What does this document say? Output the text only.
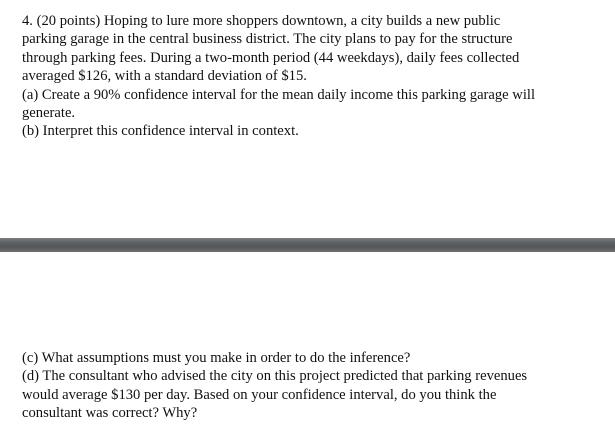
4. (20 points) Hoping to lure more shoppers downtown, a city builds a new public
parking garage in the central business district. The city plans to pay for the structure
through parking fees. During a two-month period (44 weekdays), daily fees collected
averaged $126, with a standard deviation of $15.
(a) Create a 90% confidence interval for the mean daily income this parking garage will
generate.
(b) Interpret this confidence interval in context.
(c) What assumptions must you make in order to do the inference?
(d) The consultant who advised the city on this project predicted that parking revenues
would average $130 per day. Based on your confidence interval, do you think the
consultant was correct? Why?
